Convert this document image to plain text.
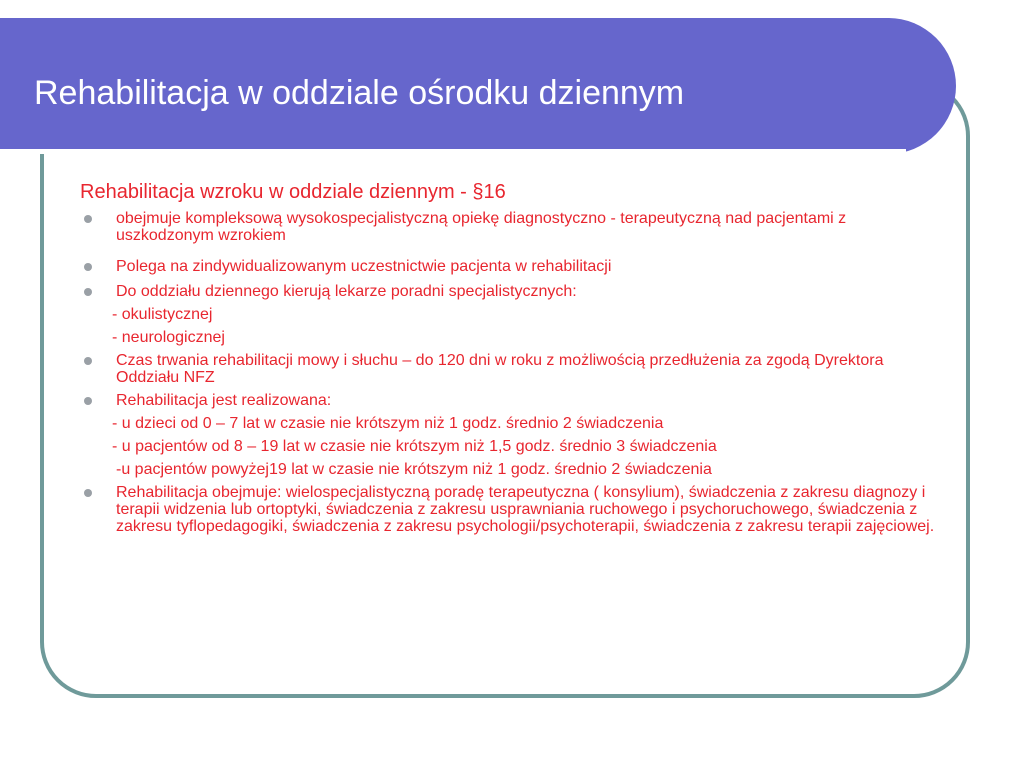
Rehabilitacja w oddziale ośrodku dziennym
Rehabilitacja wzroku w oddziale dziennym - §16
obejmuje kompleksową wysokospecjalistyczną opiekę diagnostyczno - terapeutyczną nad pacjentami z uszkodzonym wzrokiem
Polega na zindywidualizowanym uczestnictwie pacjenta w rehabilitacji
Do oddziału dziennego kierują lekarze poradni specjalistycznych:
- okulistycznej
- neurologicznej
Czas trwania rehabilitacji mowy i słuchu – do 120 dni w roku z możliwością przedłużenia za zgodą Dyrektora Oddziału NFZ
Rehabilitacja jest realizowana:
- u dzieci od 0 – 7 lat w czasie nie krótszym niż 1 godz. średnio 2 świadczenia
- u pacjentów od 8 – 19 lat w czasie nie krótszym niż 1,5 godz. średnio 3 świadczenia
-u pacjentów powyżej19 lat w czasie nie krótszym niż 1 godz. średnio 2 świadczenia
Rehabilitacja obejmuje: wielospecjalistyczną poradę terapeutyczna ( konsylium), świadczenia z zakresu diagnozy i terapii widzenia lub ortoptyki, świadczenia z zakresu usprawniania ruchowego i psychoruchowego, świadczenia z zakresu tyflopedagogiki, świadczenia z zakresu psychologii/psychoterapii, świadczenia z zakresu terapii zajęciowej.
